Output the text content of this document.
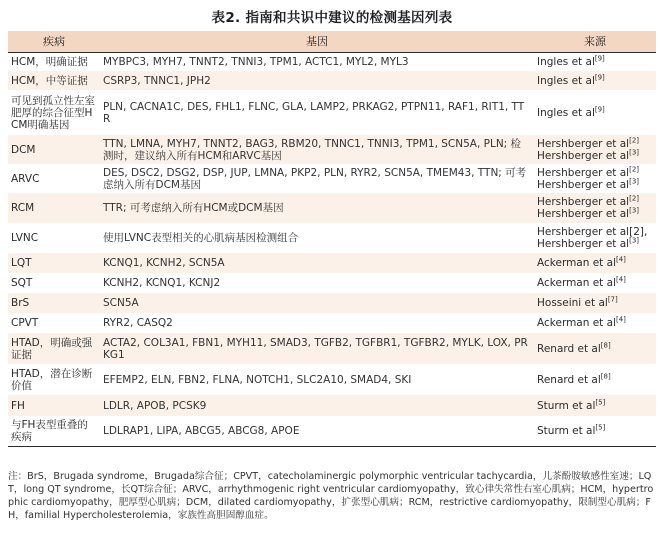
表2. 指南和共识中建议的检测基因列表
疾病	基因	来源
HCM，明确证据	MYBPC3, MYH7, TNNT2, TNNI3, TPM1, ACTC1, MYL2, MYL3	Ingles et al[9]

HCM，中等证据	CSRP3, TNNC1, JPH2	Ingles et al[9]

可见到孤立性左室肥厚的综合征型HCM明确基因	PLN, CACNA1C, DES, FHL1, FLNC, GLA, LAMP2, PRKAG2, PTPN11, RAF1, RIT1, TTR	Ingles et al[9]

DCM	TTN, LMNA, MYH7, TNNT2, BAG3, RBM20, TNNC1, TNNI3, TPM1, SCN5A, PLN; 检测时，建议纳入所有HCM和ARVC基因	Hershberger et al[2]
Hershberger et al[3]

ARVC	DES, DSC2, DSG2, DSP, JUP, LMNA, PKP2, PLN, RYR2, SCN5A, TMEM43, TTN; 可考虑纳入所有DCM基因	Hershberger et al[2]
Hershberger et al[3]

RCM	TTR; 可考虑纳入所有HCM或DCM基因	Hershberger et al[2]
Hershberger et al[3]

LVNC	使用LVNC表型相关的心肌病基因检测组合	Hershberger et al[2],
Hershberger et al[3]

LQT	KCNQ1, KCNH2, SCN5A	Ackerman et al[4]

SQT	KCNH2, KCNQ1, KCNJ2	Ackerman et al[4]

BrS	SCN5A	Hosseini et al[7]

CPVT	RYR2, CASQ2	Ackerman et al[4]

HTAD，明确或强证据	ACTA2, COL3A1, FBN1, MYH11, SMAD3, TGFB2, TGFBR1, TGFBR2, MYLK, LOX, PRKG1	Renard et al[8]

HTAD，潜在诊断价值	EFEMP2, ELN, FBN2, FLNA, NOTCH1, SLC2A10, SMAD4, SKI	Renard et al[8]

FH	LDLR, APOB, PCSK9	Sturm et al[5]

与FH表型重叠的疾病	LDLRAP1, LIPA, ABCG5, ABCG8, APOE	Sturm et al[5]

注：BrS，Brugada syndrome，Brugada综合征；CPVT，catecholaminergic polymorphic ventricular tachycardia，儿茶酚胺敏感性室速；LQT，long QT syndrome，长QT综合征；ARVC，arrhythmogenic right ventricular cardiomyopathy，致心律失常性右室心肌病；HCM，hypertrophic cardiomyopathy，肥厚型心肌病；DCM，dilated cardiomyopathy，扩张型心肌病；RCM，restrictive cardiomyopathy，限制型心肌病；FH，familial Hypercholesterolemia，家族性高胆固醇血症。
